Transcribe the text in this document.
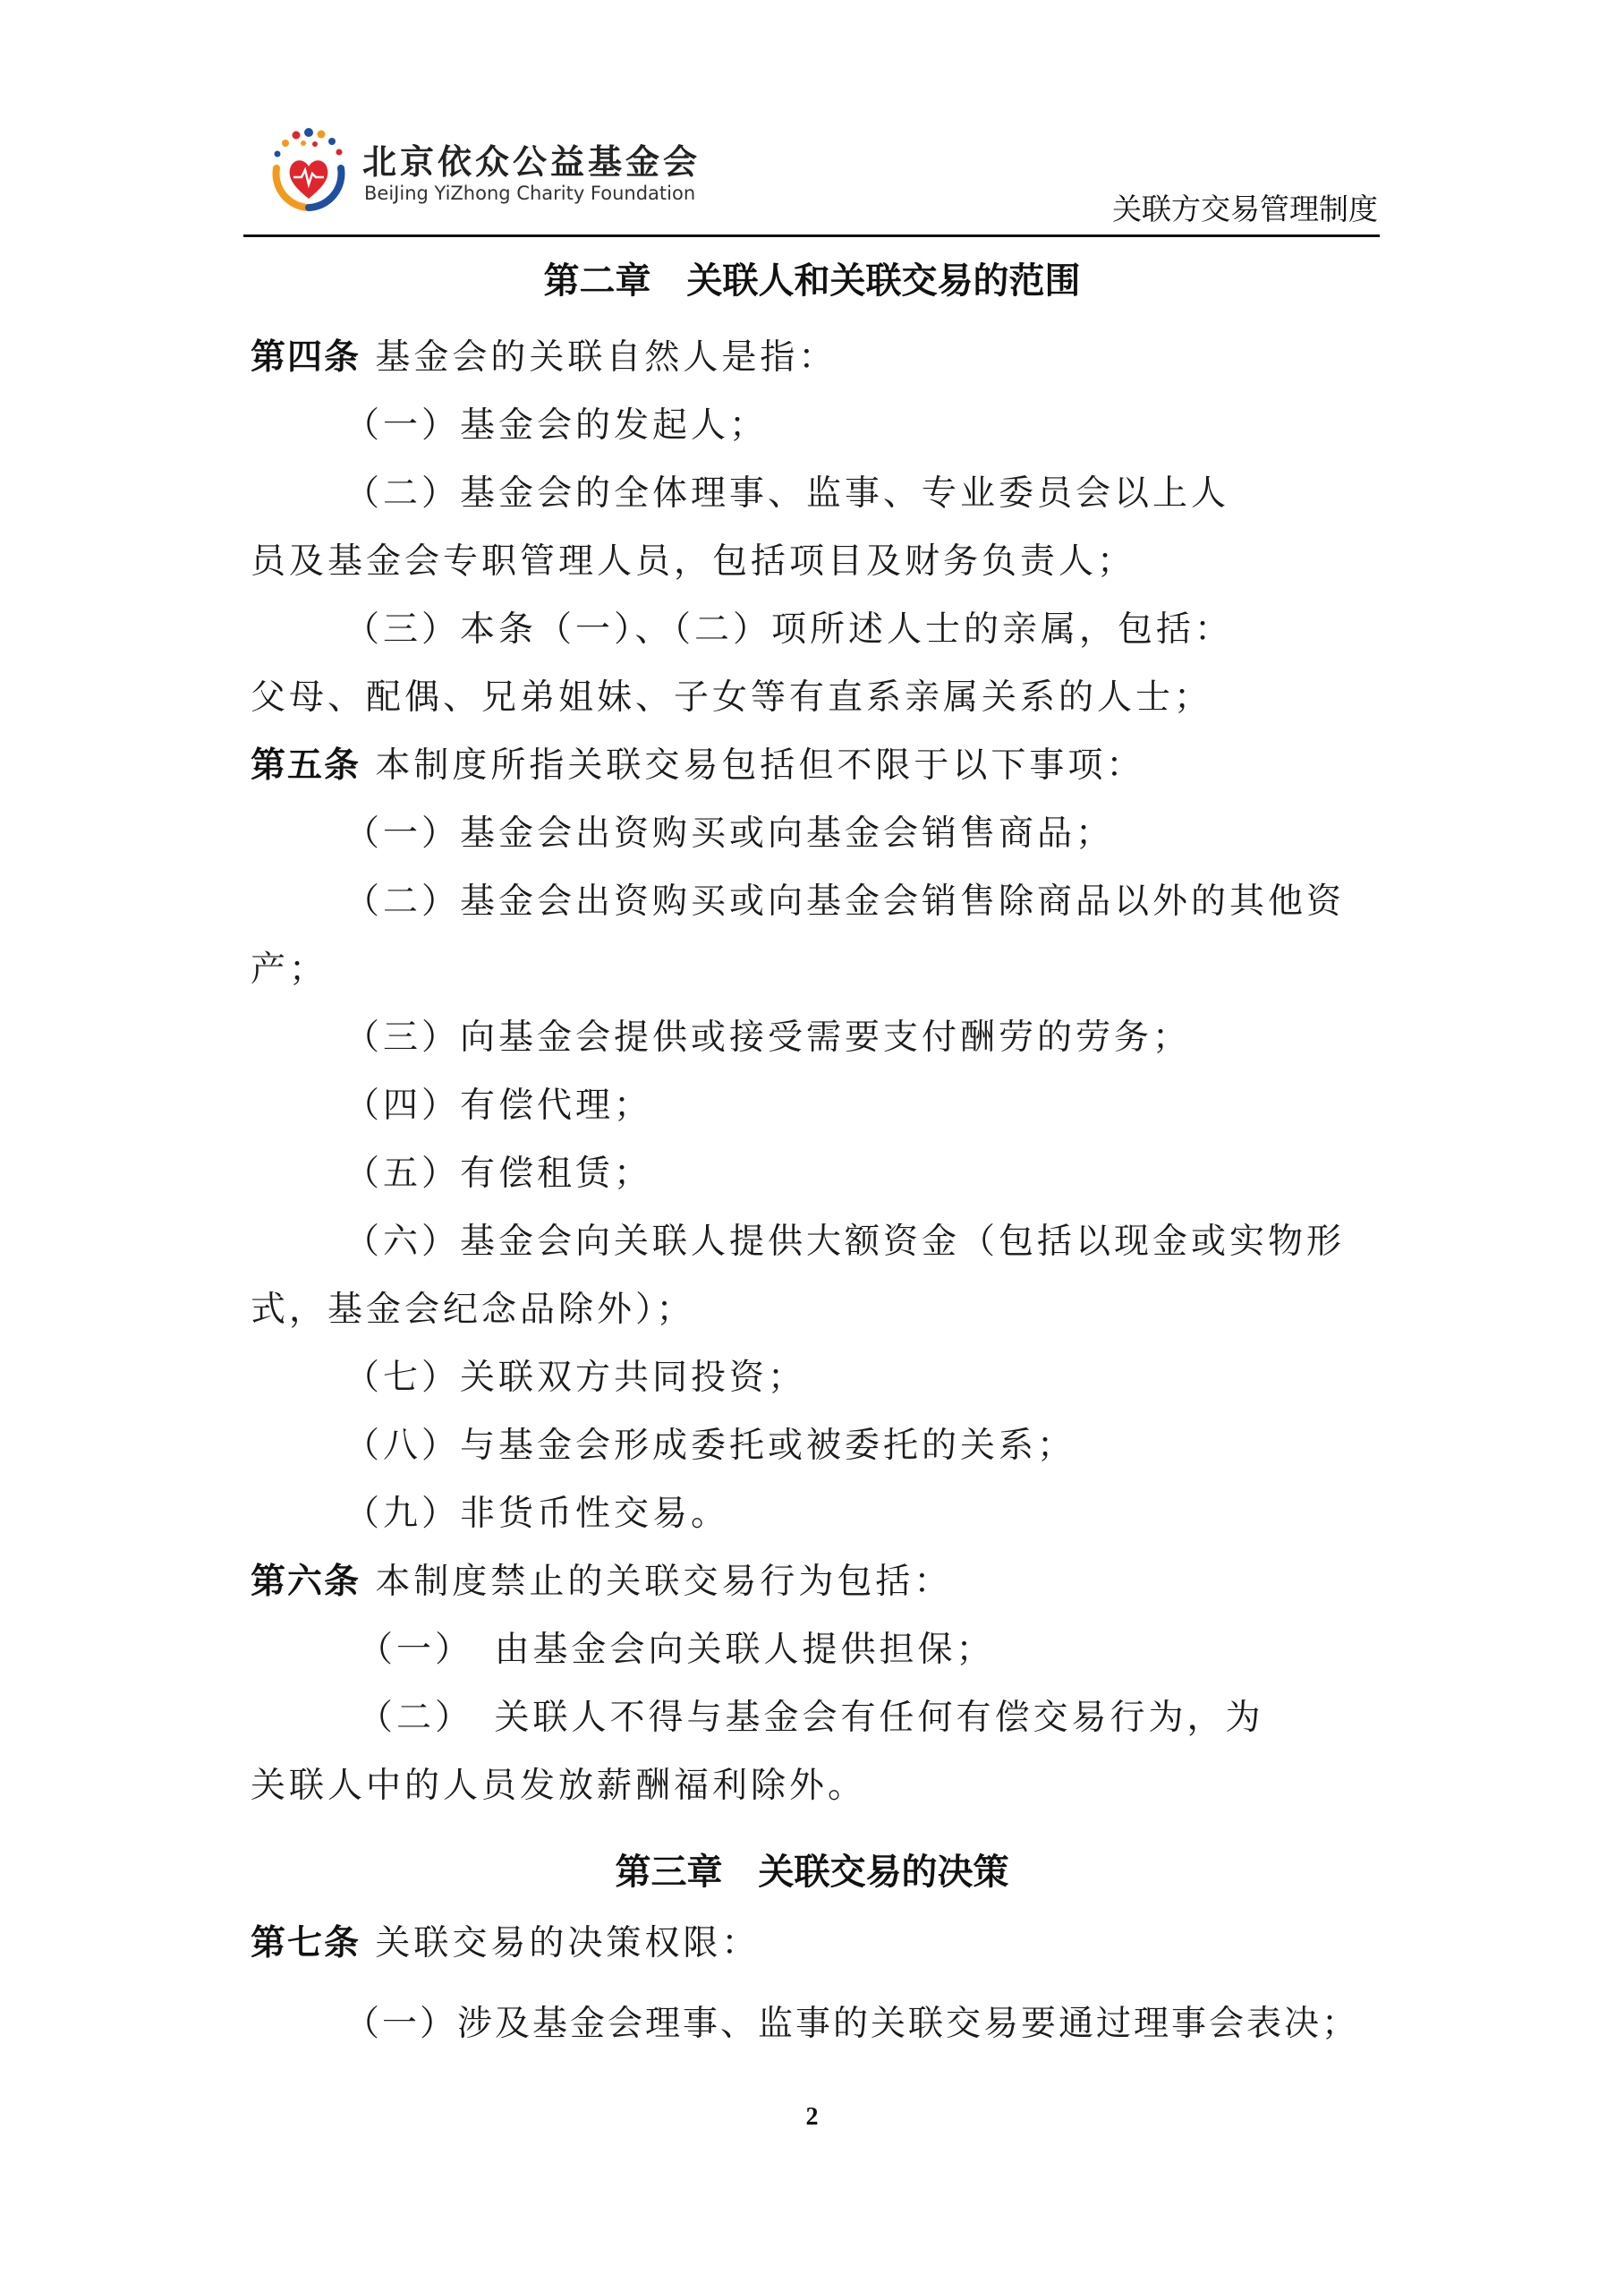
北京依众公益基金会
BeiJing YiZhong Charity Foundation	关联方交易管理制度
第二章　关联人和关联交易的范围
第四条 基金会的关联自然人是指：
（一）基金会的发起人；
（二）基金会的全体理事、监事、专业委员会以上人
员及基金会专职管理人员，包括项目及财务负责人；
（三）本条（一）、（二）项所述人士的亲属，包括：
父母、配偶、兄弟姐妹、子女等有直系亲属关系的人士；
第五条 本制度所指关联交易包括但不限于以下事项：
（一）基金会出资购买或向基金会销售商品；
（二）基金会出资购买或向基金会销售除商品以外的其他资
产；
（三）向基金会提供或接受需要支付酬劳的劳务；
（四）有偿代理；
（五）有偿租赁；
（六）基金会向关联人提供大额资金（包括以现金或实物形
式，基金会纪念品除外）；
（七）关联双方共同投资；
（八）与基金会形成委托或被委托的关系；
（九）非货币性交易。
第六条 本制度禁止的关联交易行为包括：
（一）　由基金会向关联人提供担保；
（二）　关联人不得与基金会有任何有偿交易行为，为
关联人中的人员发放薪酬福利除外。
第三章　关联交易的决策
第七条 关联交易的决策权限：
（一）涉及基金会理事、监事的关联交易要通过理事会表决；
2
